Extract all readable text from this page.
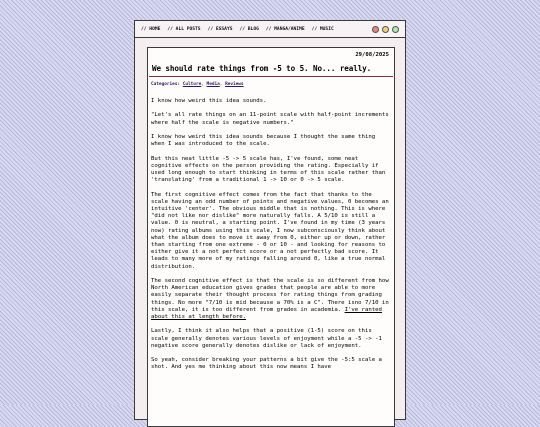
// HOME // ALL POSTS // ESSAYS // BLOG // MANGA/ANIME // MUSIC
29/08/2025
We should rate things from -5 to 5. No... really.
Categories: Culture, Media, Reviews

I know how weird this idea sounds.

"Let's all rate things on an 11-point scale with half-point increments where half the scale is negative numbers."

I know how weird this idea sounds because I thought the same thing when I was introduced to the scale.

But this neat little -5 -> 5 scale has, I've found, some neat cognitive effects on the person providing the rating. Especially if used long enough to start thinking in terms of this scale rather than 'translating' from a traditional 1 -> 10 or 0 -> 5 scale.

The first cognitive effect comes from the fact that thanks to the scale having an odd number of points and negative values, 0 becomes an intuitive 'center'. The obvious middle that is nothing. This is where "did not like nor dislike" more naturally falls. A 5/10 is still a value. 0 is neutral, a starting point. I've found in my time (3 years now) rating albums using this scale, I now subconsciously think about what the album does to move it away from 0, either up or down, rather than starting from one extreme - 0 or 10 - and looking for reasons to either give it a not perfect score or a not perfectly bad score. It leads to many more of my ratings falling around 0, like a true normal distribution.

The second cognitive effect is that the scale is so different from how North American education gives grades that people are able to more easily separate their thought process for rating things from grading things. No more "7/10 is mid because a 70% is a C". There isno 7/10 in this scale, it is too different from grades in academia. I've ranted about this at length before.

Lastly, I think it also helps that a positive (1-5) score on this scale generally denotes various levels of enjoyment while a -5 -> -1 negative score generally denotes dislike or lack of enjoyment.

So yeah, consider breaking your patterns a bit give the -5:5 scale a shot. And yes me thinking about this now means I have
